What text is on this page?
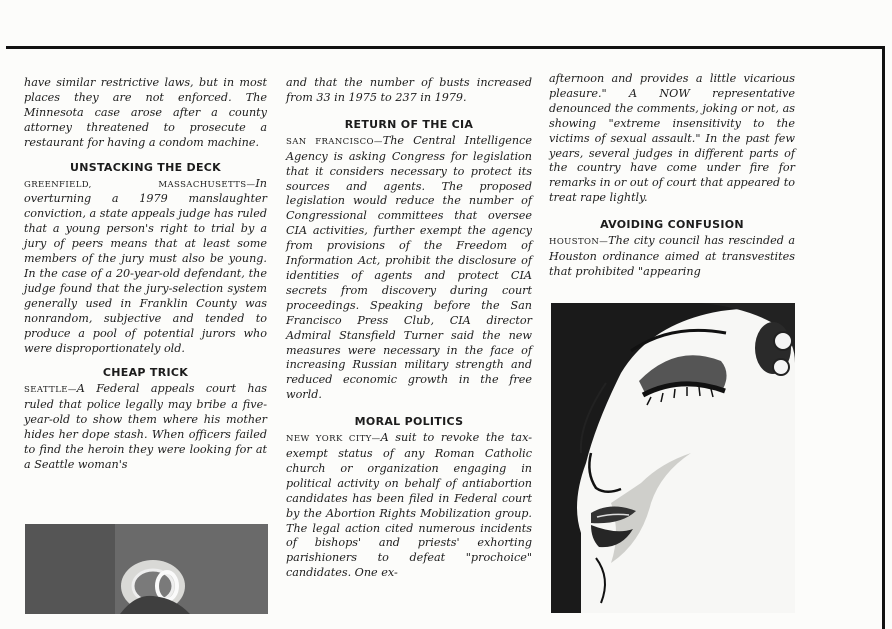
have similar restrictive laws, but in most places they are not enforced. The Minnesota case arose after a county attorney threatened to prosecute a restaurant for having a condom machine.

UNSTACKING THE DECK

GREENFIELD, MASSACHUSETTS—In overturning a 1979 manslaughter conviction, a state appeals judge has ruled that a young person's right to trial by a jury of peers means that at least some members of the jury must also be young. In the case of a 20-year-old defendant, the judge found that the jury-selection system generally used in Franklin County was nonrandom, subjective and tended to produce a pool of potential jurors who were disproportionately old.

CHEAP TRICK

SEATTLE—A Federal appeals court has ruled that police legally may bribe a five-year-old to show them where his mother hides her dope stash. When officers failed to find the heroin they were looking for at a Seattle woman's

and that the number of busts increased from 33 in 1975 to 237 in 1979.

RETURN OF THE CIA

SAN FRANCISCO—The Central Intelligence Agency is asking Congress for legislation that it considers necessary to protect its sources and agents. The proposed legislation would reduce the number of Congressional committees that oversee CIA activities, further exempt the agency from provisions of the Freedom of Information Act, prohibit the disclosure of identities of agents and protect CIA secrets from discovery during court proceedings. Speaking before the San Francisco Press Club, CIA director Admiral Stansfield Turner said the new measures were necessary in the face of increasing Russian military strength and reduced economic growth in the free world.

MORAL POLITICS

NEW YORK CITY—A suit to revoke the tax-exempt status of any Roman Catholic church or organization engaging in political activity on behalf of antiabortion candidates has been filed in Federal court by the Abortion Rights Mobilization group. The legal action cited numerous incidents of bishops' and priests' exhorting parishioners to defeat "prochoice" candidates. One ex-

afternoon and provides a little vicarious pleasure." A NOW representative denounced the comments, joking or not, as showing "extreme insensitivity to the victims of sexual assault." In the past few years, several judges in different parts of the country have come under fire for remarks in or out of court that appeared to treat rape lightly.

AVOIDING CONFUSION

HOUSTON—The city council has rescinded a Houston ordinance aimed at transvestites that prohibited "appearing
